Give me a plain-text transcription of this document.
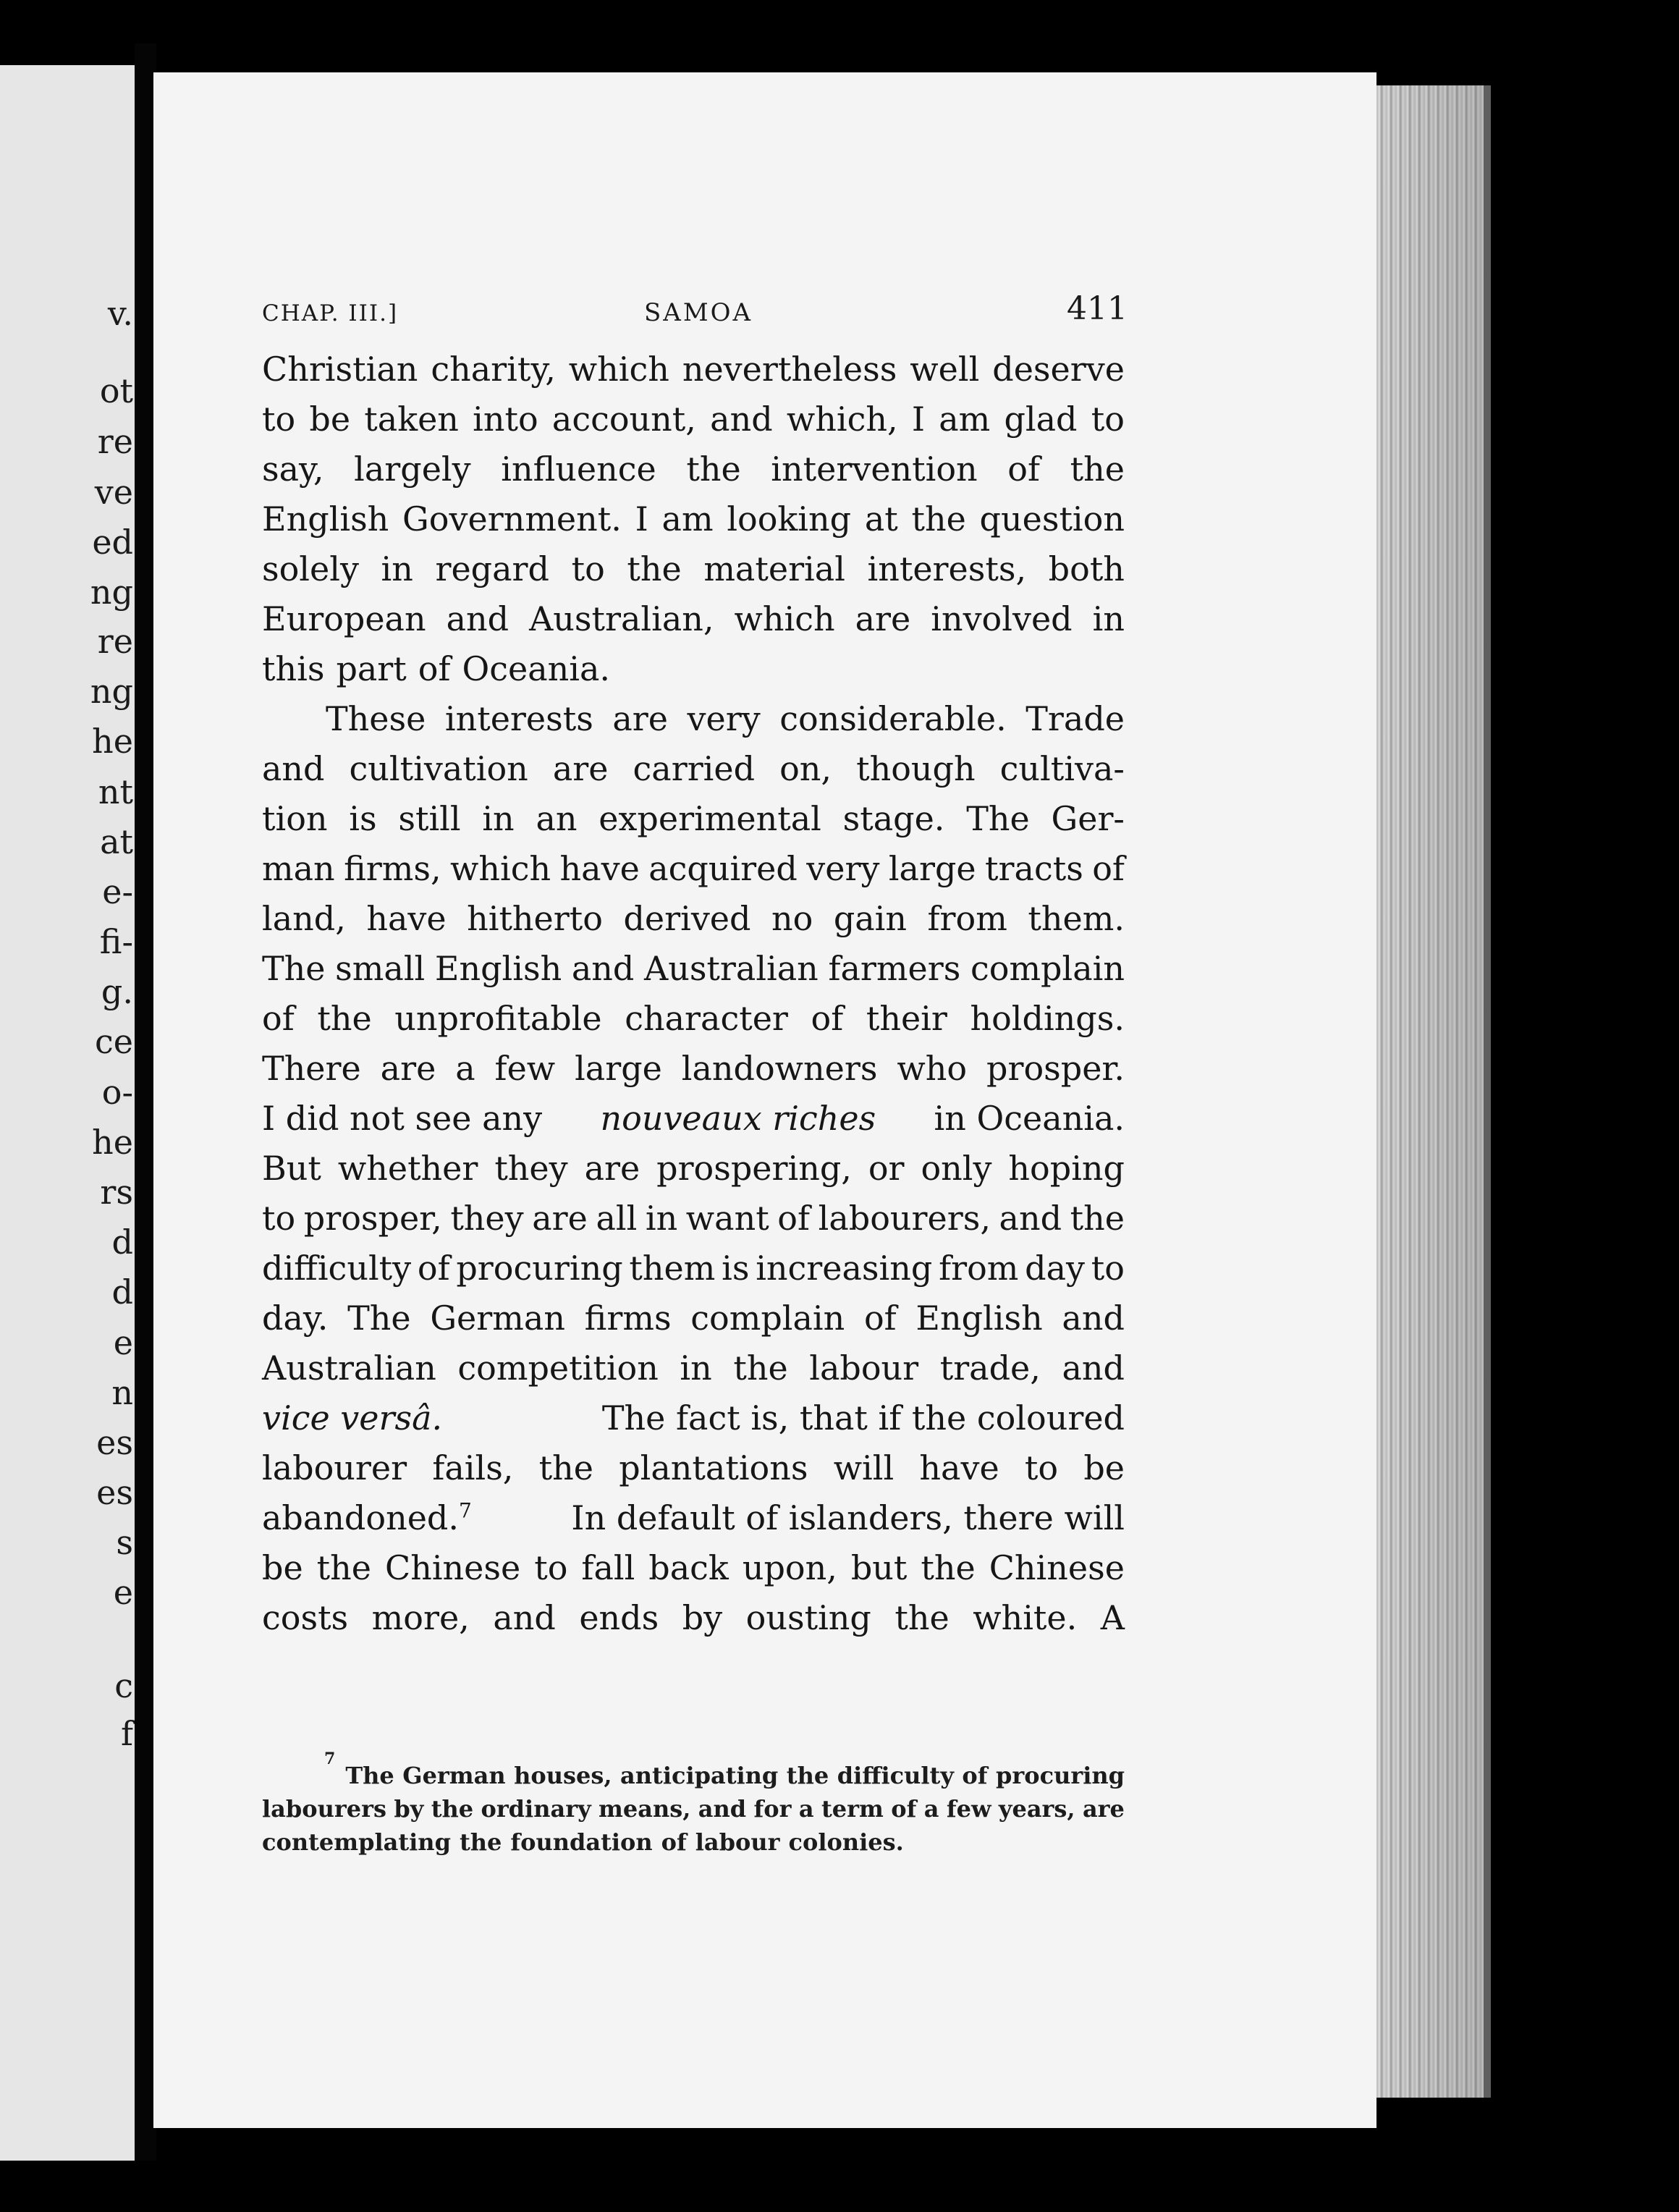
v.
ot
re
ve
ed
ng
re
ng
he
nt
at
e-
fi-
g.
ce
o-
he
rs
d
d
e
n
es
es
s
e
c
f
CHAP. III.]	SAMOA	411
Christian charity, which nevertheless well deserve
to be taken into account, and which, I am glad to
say, largely influence the intervention of the
English Government. I am looking at the question
solely in regard to the material interests, both
European and Australian, which are involved in
this part of Oceania.
These interests are very considerable. Trade
and cultivation are carried on, though cultiva-
tion is still in an experimental stage. The Ger-
man firms, which have acquired very large tracts of
land, have hitherto derived no gain from them.
The small English and Australian farmers complain
of the unprofitable character of their holdings.
There are a few large landowners who prosper.
I did not see any nouveaux riches in Oceania.
But whether they are prospering, or only hoping
to prosper, they are all in want of labourers, and the
difficulty of procuring them is increasing from day to
day. The German firms complain of English and
Australian competition in the labour trade, and
vice versâ.	The fact is, that if the coloured
labourer fails, the plantations will have to be
abandoned.$^7$	In default of islanders, there will
be the Chinese to fall back upon, but the Chinese
costs more, and ends by ousting the white. A
7
The German houses, anticipating the difficulty of procuring
labourers by the ordinary means, and for a term of a few years, are
contemplating the foundation of labour colonies.
